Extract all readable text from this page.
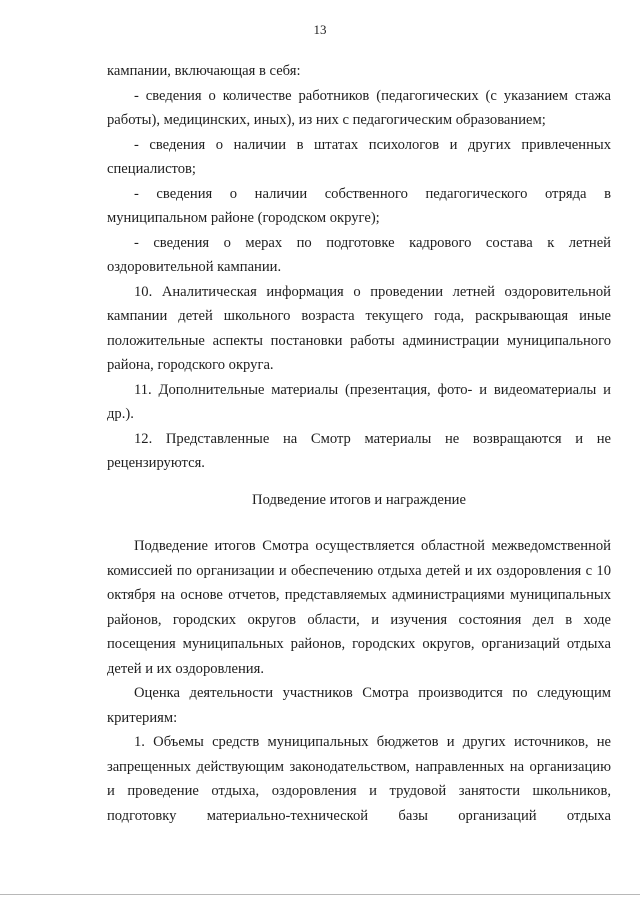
13

кампании, включающая в себя:

- сведения о количестве работников (педагогических (с указанием стажа работы), медицинских, иных), из них с педагогическим образованием;

- сведения о наличии в штатах психологов и других привлеченных специалистов;

- сведения о наличии собственного педагогического отряда в муниципальном районе (городском округе);

- сведения о мерах по подготовке кадрового состава к летней оздоровительной кампании.

10. Аналитическая информация о проведении летней оздоровительной кампании детей школьного возраста текущего года, раскрывающая иные положительные аспекты постановки работы администрации муниципального района, городского округа.

11. Дополнительные материалы (презентация, фото- и видеоматериалы и др.).

12. Представленные на Смотр материалы не возвращаются и не рецензируются.

Подведение итогов и награждение

Подведение итогов Смотра осуществляется областной межведомственной комиссией по организации и обеспечению отдыха детей и их оздоровления с 10 октября на основе отчетов, представляемых администрациями муниципальных районов, городских округов области, и изучения состояния дел в ходе посещения муниципальных районов, городских округов, организаций отдыха детей и их оздоровления.

Оценка деятельности участников Смотра производится по следующим критериям:

1. Объемы средств муниципальных бюджетов и других источников, не запрещенных действующим законодательством, направленных на организацию и проведение отдыха, оздоровления и трудовой занятости школьников, подготовку материально-технической базы организаций отдыха
